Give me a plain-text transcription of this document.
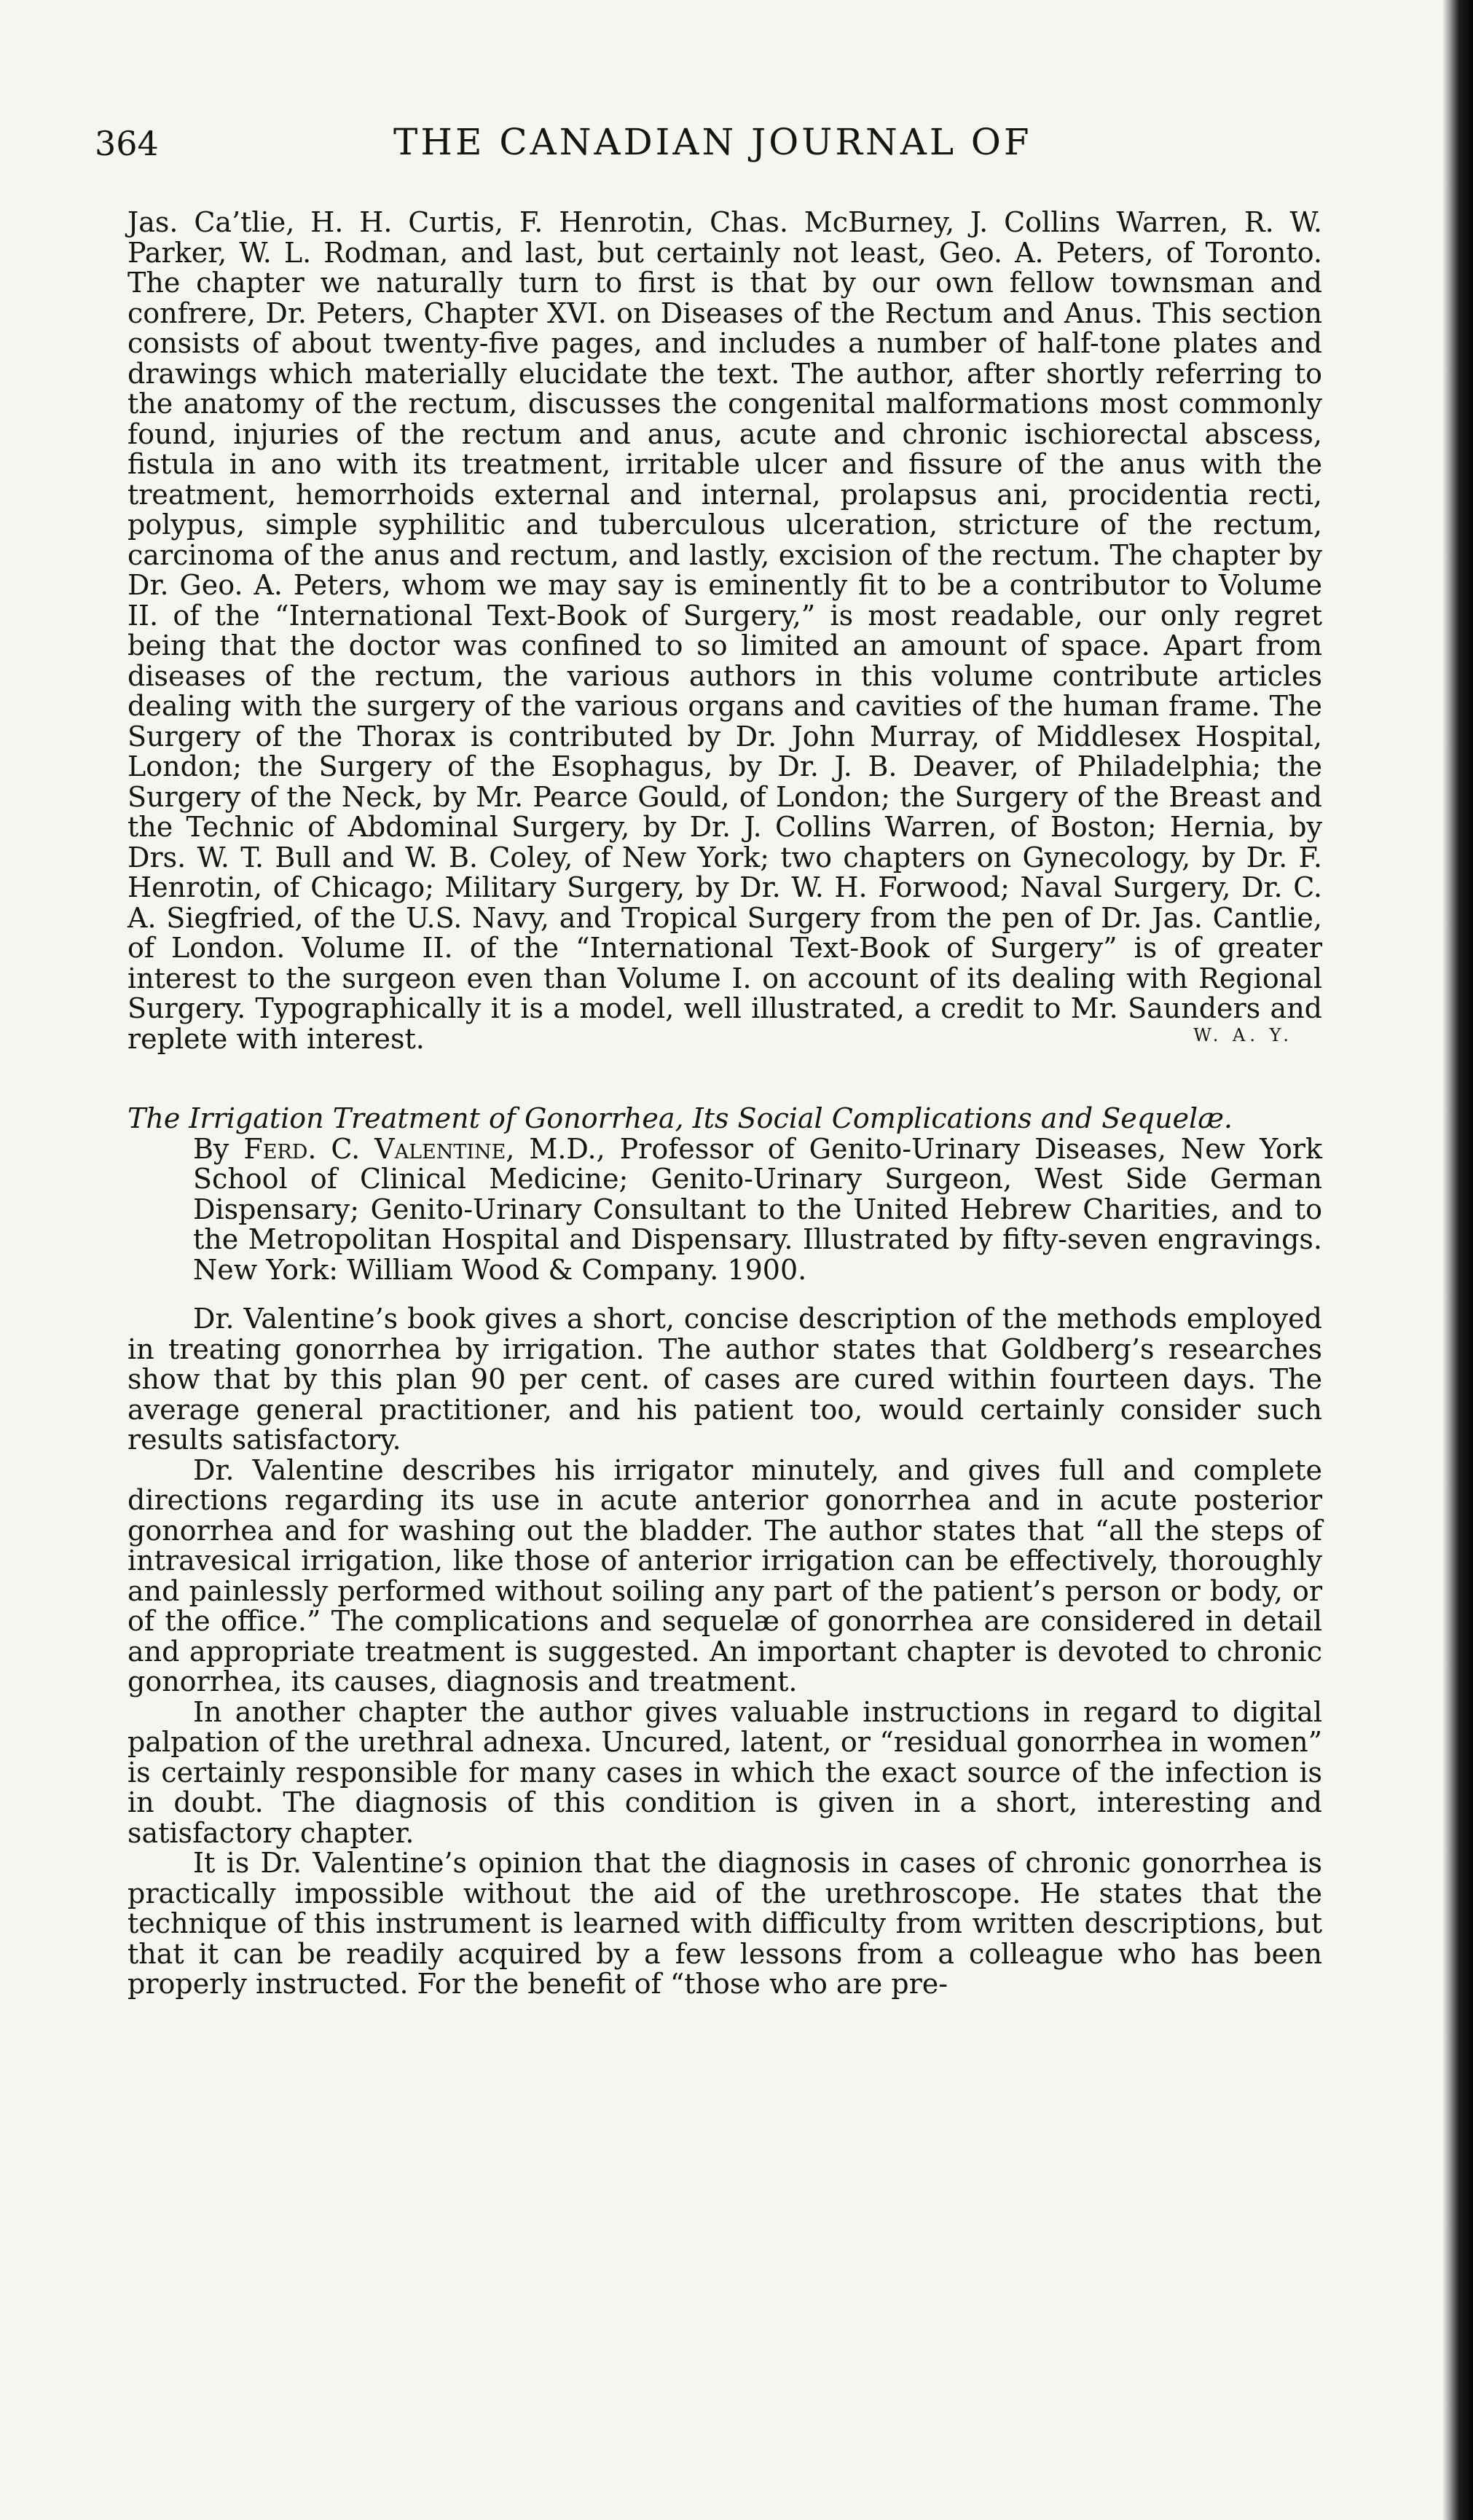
364	THE CANADIAN JOURNAL OF

Jas. Ca’tlie, H. H. Curtis, F. Henrotin, Chas. McBurney, J. Collins Warren, R. W. Parker, W. L. Rodman, and last, but certainly not least, Geo. A. Peters, of Toronto. The chapter we naturally turn to first is that by our own fellow townsman and confrere, Dr. Peters, Chapter XVI. on Diseases of the Rectum and Anus. This section consists of about twenty-five pages, and includes a number of half-tone plates and drawings which materially elucidate the text. The author, after shortly referring to the anatomy of the rectum, discusses the congenital malformations most commonly found, injuries of the rectum and anus, acute and chronic ischiorectal abscess, fistula in ano with its treatment, irritable ulcer and fissure of the anus with the treatment, hemorrhoids external and internal, prolapsus ani, procidentia recti, polypus, simple syphilitic and tuberculous ulceration, stricture of the rectum, carcinoma of the anus and rectum, and lastly, excision of the rectum. The chapter by Dr. Geo. A. Peters, whom we may say is eminently fit to be a contributor to Volume II. of the “International Text-Book of Surgery,” is most readable, our only regret being that the doctor was confined to so limited an amount of space. Apart from diseases of the rectum, the various authors in this volume contribute articles dealing with the surgery of the various organs and cavities of the human frame. The Surgery of the Thorax is contributed by Dr. John Murray, of Middlesex Hospital, London; the Surgery of the Esophagus, by Dr. J. B. Deaver, of Philadelphia; the Surgery of the Neck, by Mr. Pearce Gould, of London; the Surgery of the Breast and the Technic of Abdominal Surgery, by Dr. J. Collins Warren, of Boston; Hernia, by Drs. W. T. Bull and W. B. Coley, of New York; two chapters on Gynecology, by Dr. F. Henrotin, of Chicago; Military Surgery, by Dr. W. H. Forwood; Naval Surgery, Dr. C. A. Siegfried, of the U.S. Navy, and Tropical Surgery from the pen of Dr. Jas. Cantlie, of London. Volume II. of the “International Text-Book of Surgery” is of greater interest to the surgeon even than Volume I. on account of its dealing with Regional Surgery. Typographically it is a model, well illustrated, a credit to Mr. Saunders and replete with interest.	W. A. Y.
The Irrigation Treatment of Gonorrhea, Its Social Complications and Sequelæ.
By Ferd. C. Valentine, M.D., Professor of Genito-Urinary Diseases, New York School of Clinical Medicine; Genito-Urinary Surgeon, West Side German Dispensary; Genito-Urinary Consultant to the United Hebrew Charities, and to the Metropolitan Hospital and Dispensary. Illustrated by fifty-seven engravings. New York: William Wood & Company. 1900.

Dr. Valentine’s book gives a short, concise description of the methods employed in treating gonorrhea by irrigation. The author states that Goldberg’s researches show that by this plan 90 per cent. of cases are cured within fourteen days. The average general practitioner, and his patient too, would certainly consider such results satisfactory.

Dr. Valentine describes his irrigator minutely, and gives full and complete directions regarding its use in acute anterior gonorrhea and in acute posterior gonorrhea and for washing out the bladder. The author states that “all the steps of intravesical irrigation, like those of anterior irrigation can be effectively, thoroughly and painlessly performed without soiling any part of the patient’s person or body, or of the office.” The complications and sequelæ of gonorrhea are considered in detail and appropriate treatment is suggested. An important chapter is devoted to chronic gonorrhea, its causes, diagnosis and treatment.

In another chapter the author gives valuable instructions in regard to digital palpation of the urethral adnexa. Uncured, latent, or “residual gonorrhea in women” is certainly responsible for many cases in which the exact source of the infection is in doubt. The diagnosis of this condition is given in a short, interesting and satisfactory chapter.

It is Dr. Valentine’s opinion that the diagnosis in cases of chronic gonorrhea is practically impossible without the aid of the urethroscope. He states that the technique of this instrument is learned with difficulty from written descriptions, but that it can be readily acquired by a few lessons from a colleague who has been properly instructed. For the benefit of “those who are pre-
